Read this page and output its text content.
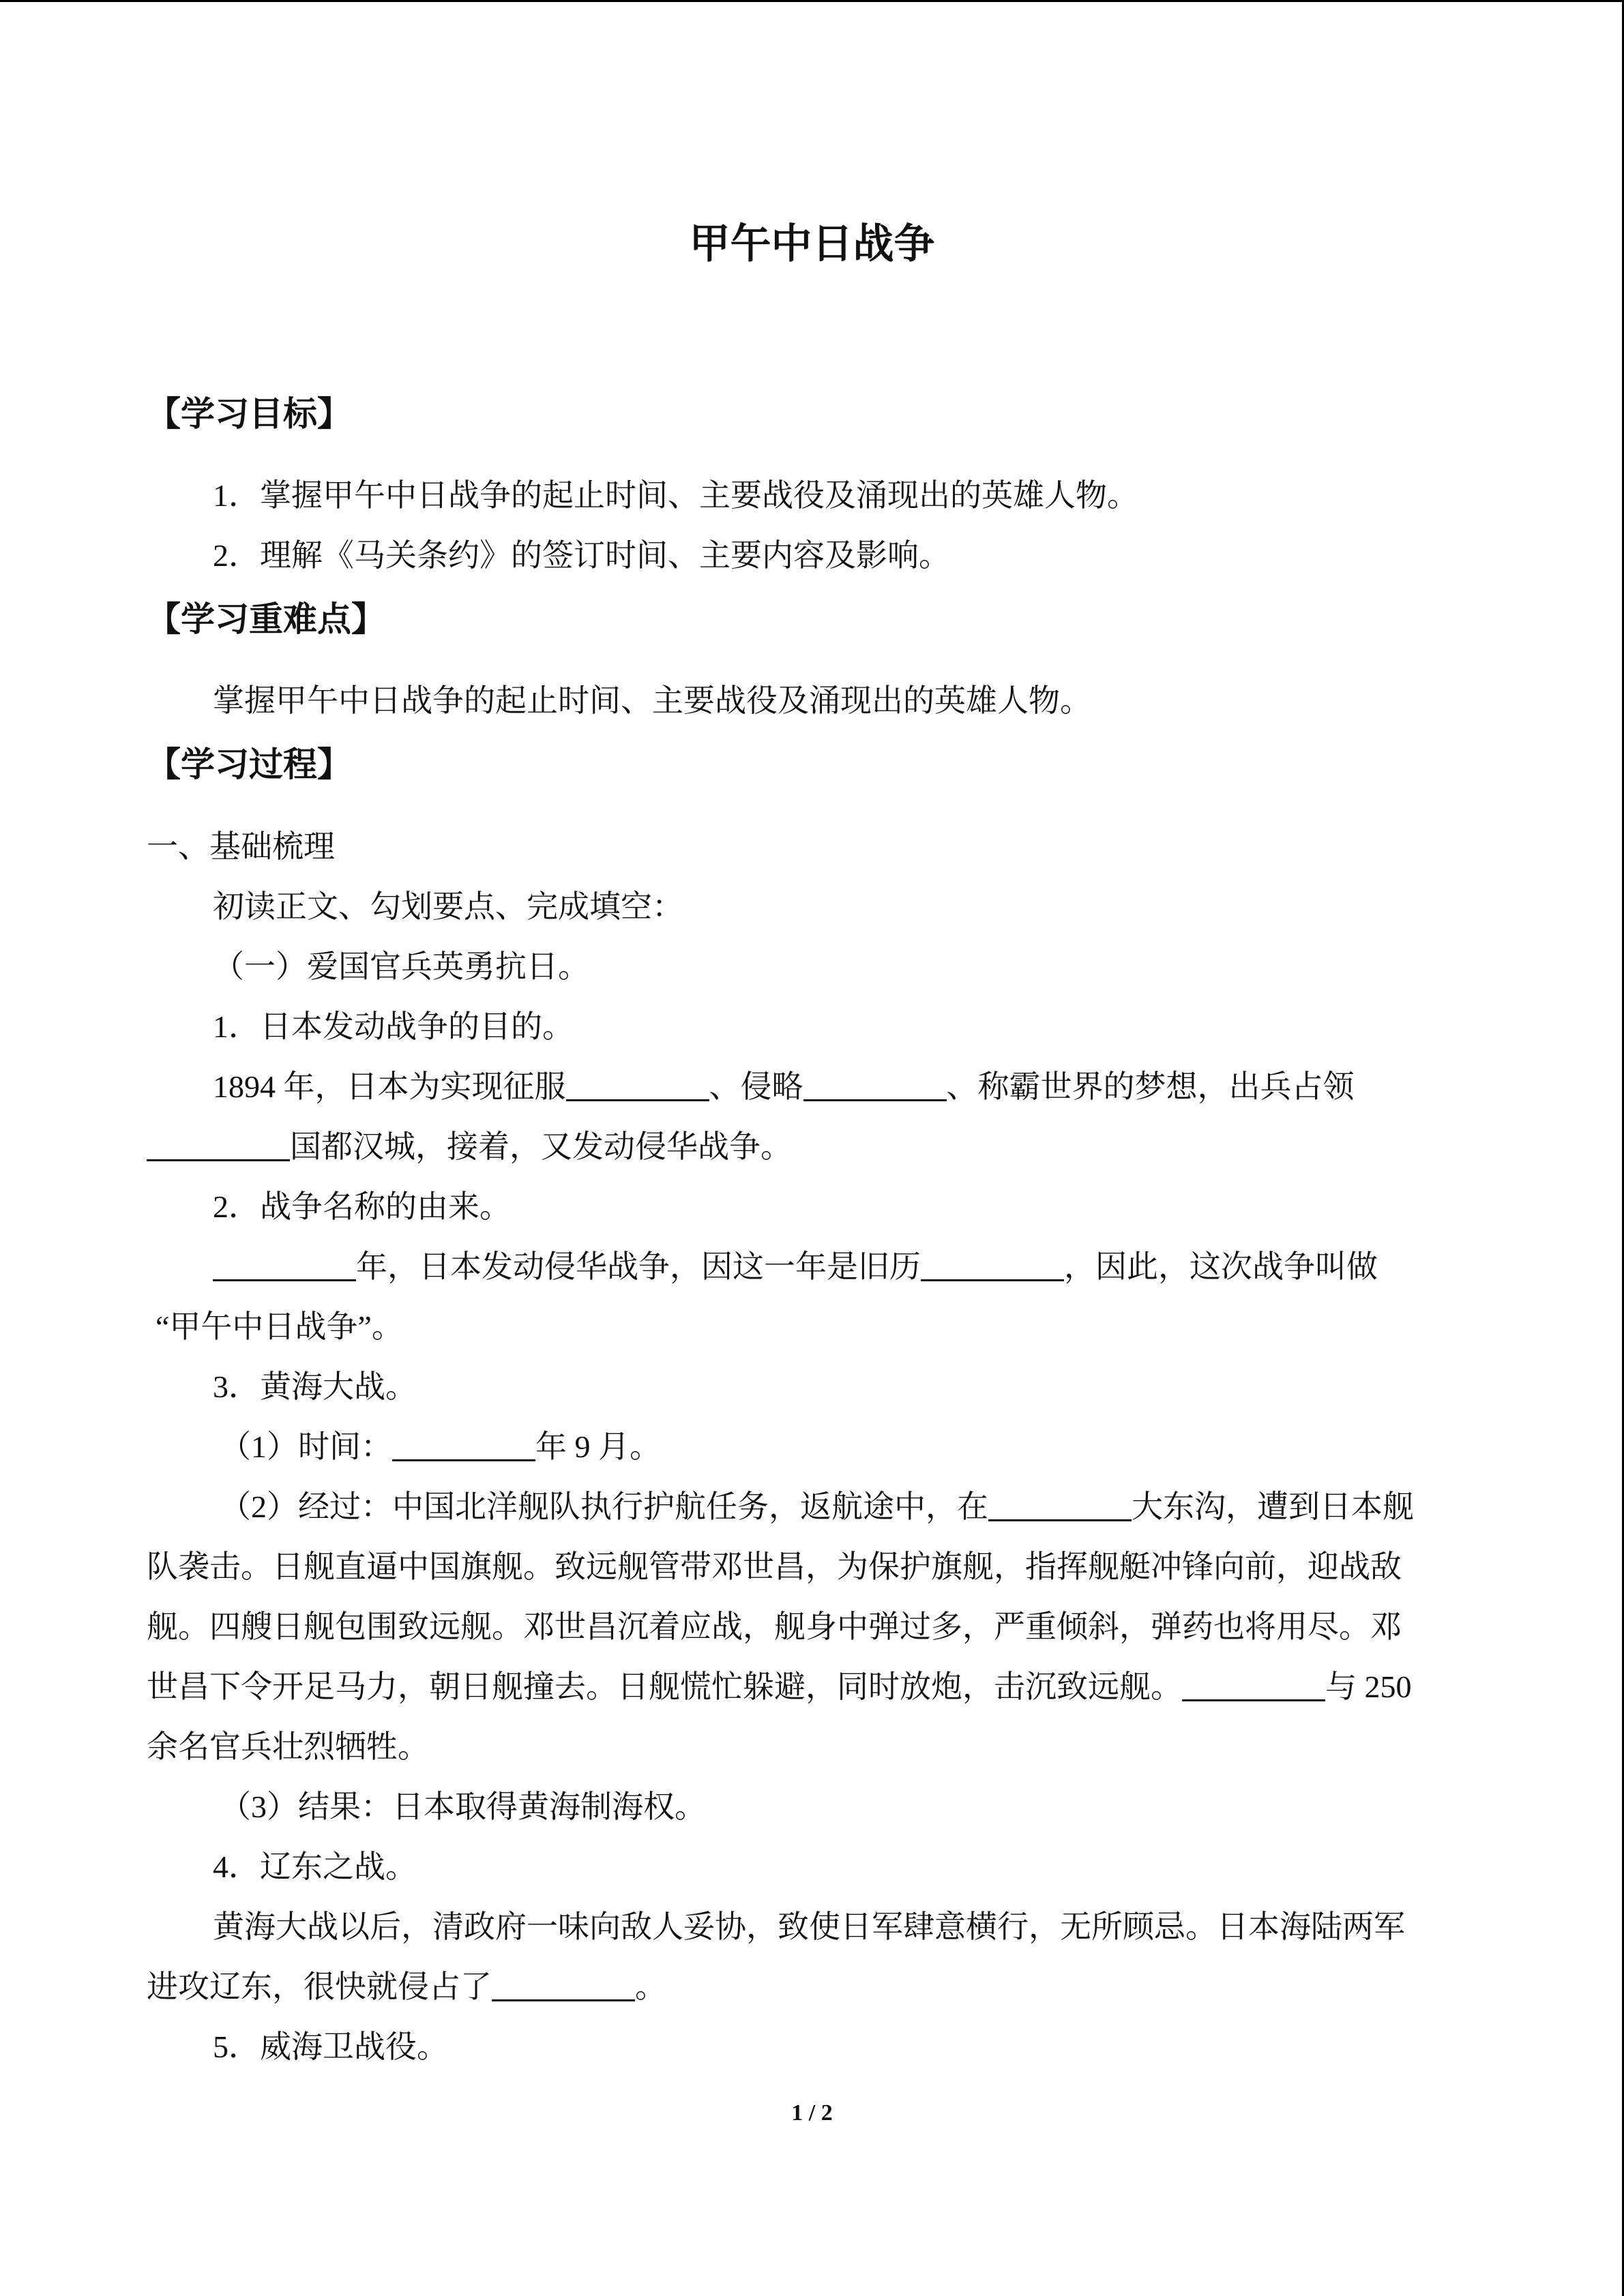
甲午中日战争
【学习目标】
1．掌握甲午中日战争的起止时间、主要战役及涌现出的英雄人物。
2．理解《马关条约》的签订时间、主要内容及影响。
【学习重难点】
掌握甲午中日战争的起止时间、主要战役及涌现出的英雄人物。
【学习过程】
一、基础梳理
初读正文、勾划要点、完成填空：
（一）爱国官兵英勇抗日。
1．日本发动战争的目的。
1894 年，日本为实现征服	、侵略	、称霸世界的梦想，出兵占领
国都汉城，接着，又发动侵华战争。
2．战争名称的由来。
年，日本发动侵华战争，因这一年是旧历	，因此，这次战争叫做
“甲午中日战争”。
3．黄海大战。
（1）时间：	年 9 月。
（2）经过：中国北洋舰队执行护航任务，返航途中，在	大东沟，遭到日本舰
队袭击。日舰直逼中国旗舰。致远舰管带邓世昌，为保护旗舰，指挥舰艇冲锋向前，迎战敌
舰。四艘日舰包围致远舰。邓世昌沉着应战，舰身中弹过多，严重倾斜，弹药也将用尽。邓
世昌下令开足马力，朝日舰撞去。日舰慌忙躲避，同时放炮，击沉致远舰。	与 250
余名官兵壮烈牺牲。
（3）结果：日本取得黄海制海权。
4．辽东之战。
黄海大战以后，清政府一味向敌人妥协，致使日军肆意横行，无所顾忌。日本海陆两军
进攻辽东，很快就侵占了	。
5．威海卫战役。
1 / 2
